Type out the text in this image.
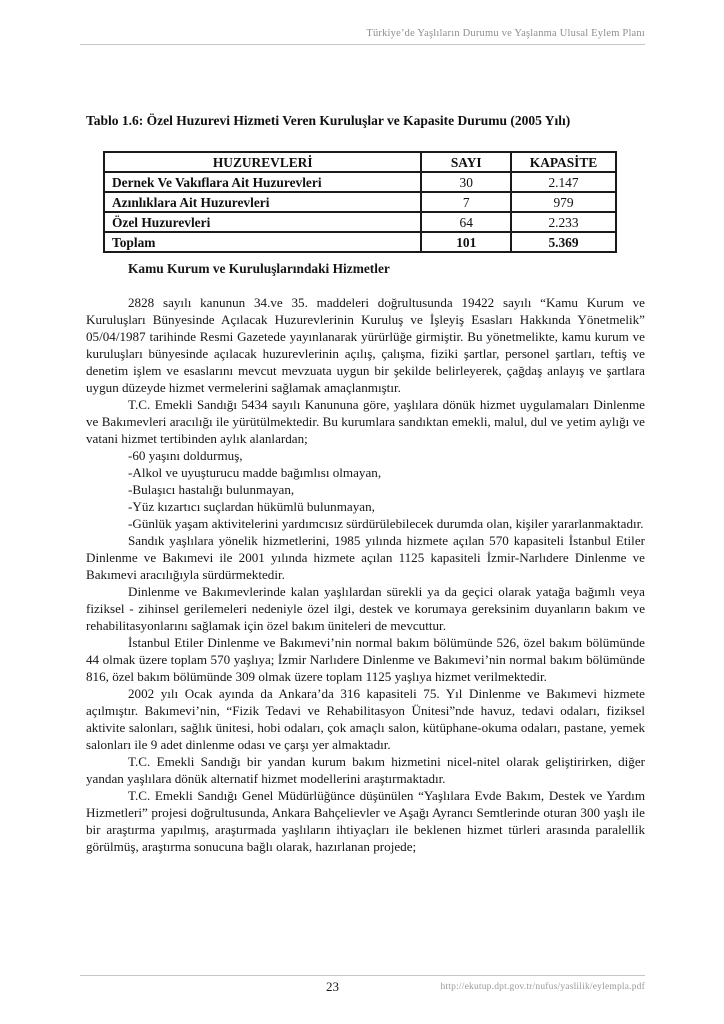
Türkiye’de Yaşlıların Durumu ve Yaşlanma Ulusal Eylem Planı
Tablo 1.6: Özel Huzurevi Hizmeti Veren Kuruluşlar ve Kapasite Durumu (2005 Yılı)
HUZUREVLERİ	SAYI	KAPASİTE
Dernek Ve Vakıflara Ait Huzurevleri	30	2.147
Azınlıklara Ait Huzurevleri	7	979
Özel Huzurevleri	64	2.233
Toplam	101	5.369
Kamu Kurum ve Kuruluşlarındaki Hizmetler

2828 sayılı kanunun 34.ve 35. maddeleri doğrultusunda 19422 sayılı “Kamu Kurum ve Kuruluşları Bünyesinde Açılacak Huzurevlerinin Kuruluş ve İşleyiş Esasları Hakkında Yönetmelik” 05/04/1987 tarihinde Resmi Gazetede yayınlanarak yürürlüğe girmiştir. Bu yönetmelikte, kamu kurum ve kuruluşları bünyesinde açılacak huzurevlerinin açılış, çalışma, fiziki şartlar, personel şartları, teftiş ve denetim işlem ve esaslarını mevcut mevzuata uygun bir şekilde belirleyerek, çağdaş anlayış ve şartlara uygun düzeyde hizmet vermelerini sağlamak amaçlanmıştır.

T.C. Emekli Sandığı 5434 sayılı Kanununa göre, yaşlılara dönük hizmet uygulamaları Dinlenme ve Bakımevleri aracılığı ile yürütülmektedir. Bu kurumlara sandıktan emekli, malul, dul ve yetim aylığı ve vatani hizmet tertibinden aylık alanlardan;

-60 yaşını doldurmuş,

-Alkol ve uyuşturucu madde bağımlısı olmayan,

-Bulaşıcı hastalığı bulunmayan,

-Yüz kızartıcı suçlardan hükümlü bulunmayan,

-Günlük yaşam aktivitelerini yardımcısız sürdürülebilecek durumda olan, kişiler yararlanmaktadır.

Sandık yaşlılara yönelik hizmetlerini, 1985 yılında hizmete açılan 570 kapasiteli İstanbul Etiler Dinlenme ve Bakımevi ile 2001 yılında hizmete açılan 1125 kapasiteli İzmir-Narlıdere Dinlenme ve Bakımevi aracılığıyla sürdürmektedir.

Dinlenme ve Bakımevlerinde kalan yaşlılardan sürekli ya da geçici olarak yatağa bağımlı veya fiziksel - zihinsel gerilemeleri nedeniyle özel ilgi, destek ve korumaya gereksinim duyanların bakım ve rehabilitasyonlarını sağlamak için özel bakım üniteleri de mevcuttur.

İstanbul Etiler Dinlenme ve Bakımevi’nin normal bakım bölümünde 526, özel bakım bölümünde 44 olmak üzere toplam 570 yaşlıya; İzmir Narlıdere Dinlenme ve Bakımevi’nin normal bakım bölümünde 816, özel bakım bölümünde 309 olmak üzere toplam 1125 yaşlıya hizmet verilmektedir.

2002 yılı Ocak ayında da Ankara’da 316 kapasiteli 75. Yıl Dinlenme ve Bakımevi hizmete açılmıştır. Bakımevi’nin, “Fizik Tedavi ve Rehabilitasyon Ünitesi”nde havuz, tedavi odaları, fiziksel aktivite salonları, sağlık ünitesi, hobi odaları, çok amaçlı salon, kütüphane-okuma odaları, pastane, yemek salonları ile 9 adet dinlenme odası ve çarşı yer almaktadır.

T.C. Emekli Sandığı bir yandan kurum bakım hizmetini nicel-nitel olarak geliştirirken, diğer yandan yaşlılara dönük alternatif hizmet modellerini araştırmaktadır.

T.C. Emekli Sandığı Genel Müdürlüğünce düşünülen “Yaşlılara Evde Bakım, Destek ve Yardım Hizmetleri” projesi doğrultusunda, Ankara Bahçelievler ve Aşağı Ayrancı Semtlerinde oturan 300 yaşlı ile bir araştırma yapılmış, araştırmada yaşlıların ihtiyaçları ile beklenen hizmet türleri arasında paralellik görülmüş, araştırma sonucuna bağlı olarak, hazırlanan projede;

23	http://ekutup.dpt.gov.tr/nufus/yaslilik/eylempla.pdf
